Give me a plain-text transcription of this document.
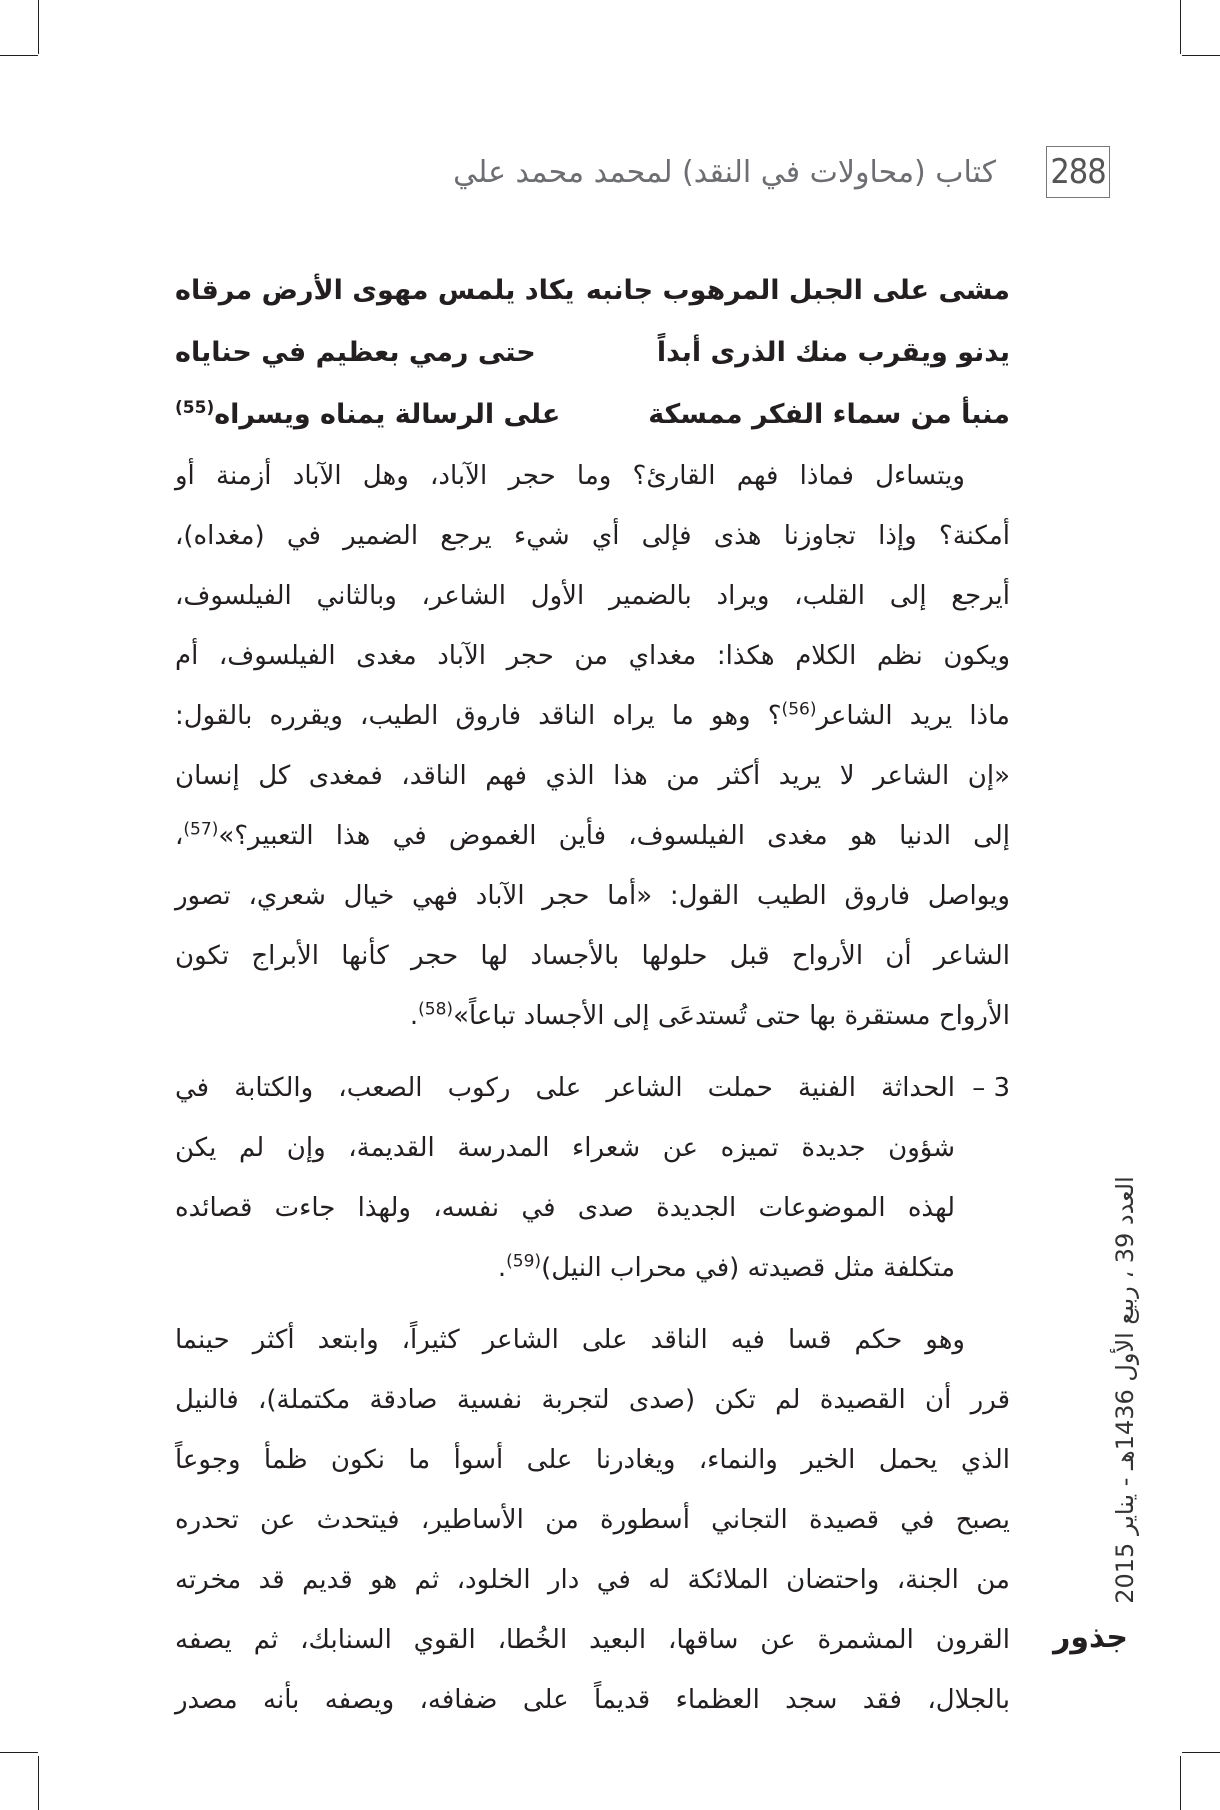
288
كتاب (محاولات في النقد) لمحمد محمد علي
مشى على الجبل المرهوب جانبه
يكاد يلمس مهوى الأرض مرقاه
يدنو ويقرب منك الذرى أبداً
حتى رمي بعظيم في حناياه
منبأ من سماء الفكر ممسكة
على الرسالة يمناه ويسراه$^{(55)}$

ويتساءل فماذا فهم القارئ؟ وما حجر الآباد، وهل الآباد أزمنة أو

أمكنة؟ وإذا تجاوزنا هذى فإلى أي شيء يرجع الضمير في (مغداه)،

أيرجع إلى القلب، ويراد بالضمير الأول الشاعر، وبالثاني الفيلسوف،

ويكون نظم الكلام هكذا: مغداي من حجر الآباد مغدى الفيلسوف، أم

ماذا يريد الشاعر$^{(56)}$؟ وهو ما يراه الناقد فاروق الطيب، ويقرره بالقول:

«إن الشاعر لا يريد أكثر من هذا الذي فهم الناقد، فمغدى كل إنسان

إلى الدنيا هو مغدى الفيلسوف، فأين الغموض في هذا التعبير؟»$^{(57)}$،

ويواصل فاروق الطيب القول: «أما حجر الآباد فهي خيال شعري، تصور

الشاعر أن الأرواح قبل حلولها بالأجساد لها حجر كأنها الأبراج تكون

الأرواح مستقرة بها حتى تُستدعَى إلى الأجساد تباعاً»$^{(58)}$.

3 –

الحداثة الفنية حملت الشاعر على ركوب الصعب، والكتابة في

شؤون جديدة تميزه عن شعراء المدرسة القديمة، وإن لم يكن

لهذه الموضوعات الجديدة صدى في نفسه، ولهذا جاءت قصائده

متكلفة مثل قصيدته (في محراب النيل)$^{(59)}$.

وهو حكم قسا فيه الناقد على الشاعر كثيراً، وابتعد أكثر حينما

قرر أن القصيدة لم تكن (صدى لتجربة نفسية صادقة مكتملة)، فالنيل

الذي يحمل الخير والنماء، ويغادرنا على أسوأ ما نكون ظمأ وجوعاً

يصبح في قصيدة التجاني أسطورة من الأساطير، فيتحدث عن تحدره

من الجنة، واحتضان الملائكة له في دار الخلود، ثم هو قديم قد مخرته

القرون المشمرة عن ساقها، البعيد الخُطا، القوي السنابك، ثم يصفه

بالجلال، فقد سجد العظماء قديماً على ضفافه، ويصفه بأنه مصدر

العدد 39 ، ربيع الأول 1436هـ - يناير 2015
جذور
